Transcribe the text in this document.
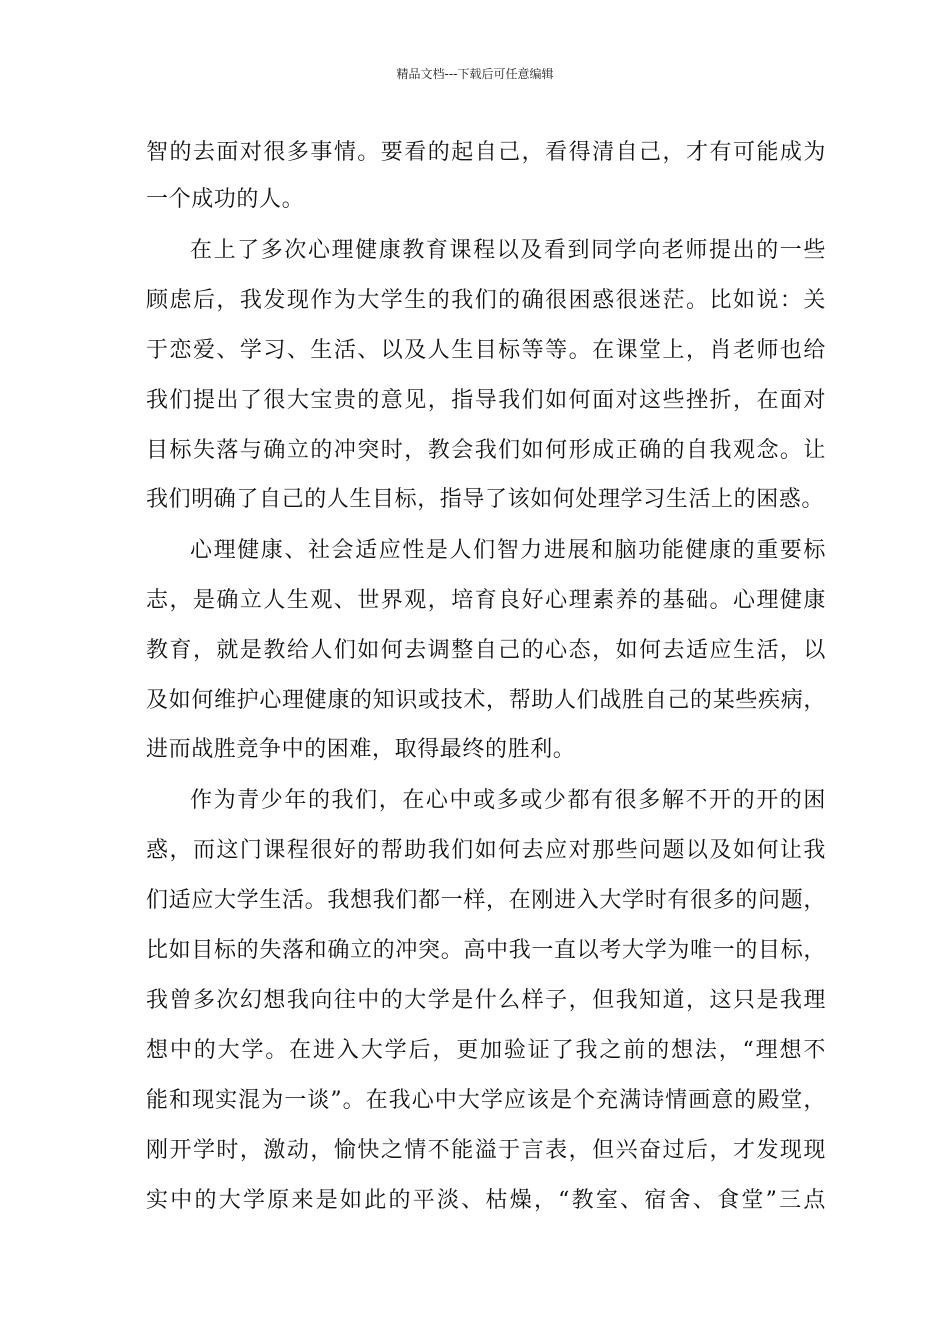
精品文档---下载后可任意编辑
智的去面对很多事情。要看的起自己，看得清自己，才有可能成为
一个成功的人。
在上了多次心理健康教育课程以及看到同学向老师提出的一些
顾虑后，我发现作为大学生的我们的确很困惑很迷茫。比如说：关
于恋爱、学习、生活、以及人生目标等等。在课堂上，肖老师也给
我们提出了很大宝贵的意见，指导我们如何面对这些挫折，在面对
目标失落与确立的冲突时，教会我们如何形成正确的自我观念。让
我们明确了自己的人生目标，指导了该如何处理学习生活上的困惑。
心理健康、社会适应性是人们智力进展和脑功能健康的重要标
志，是确立人生观、世界观，培育良好心理素养的基础。心理健康
教育，就是教给人们如何去调整自己的心态，如何去适应生活，以
及如何维护心理健康的知识或技术，帮助人们战胜自己的某些疾病，
进而战胜竞争中的困难，取得最终的胜利。
作为青少年的我们，在心中或多或少都有很多解不开的开的困
惑，而这门课程很好的帮助我们如何去应对那些问题以及如何让我
们适应大学生活。我想我们都一样，在刚进入大学时有很多的问题，
比如目标的失落和确立的冲突。高中我一直以考大学为唯一的目标，
我曾多次幻想我向往中的大学是什么样子，但我知道，这只是我理
想中的大学。在进入大学后，更加验证了我之前的想法，“理想不
能和现实混为一谈”。在我心中大学应该是个充满诗情画意的殿堂，
刚开学时，激动，愉快之情不能溢于言表，但兴奋过后，才发现现
实中的大学原来是如此的平淡、枯燥，“教室、宿舍、食堂”三点
